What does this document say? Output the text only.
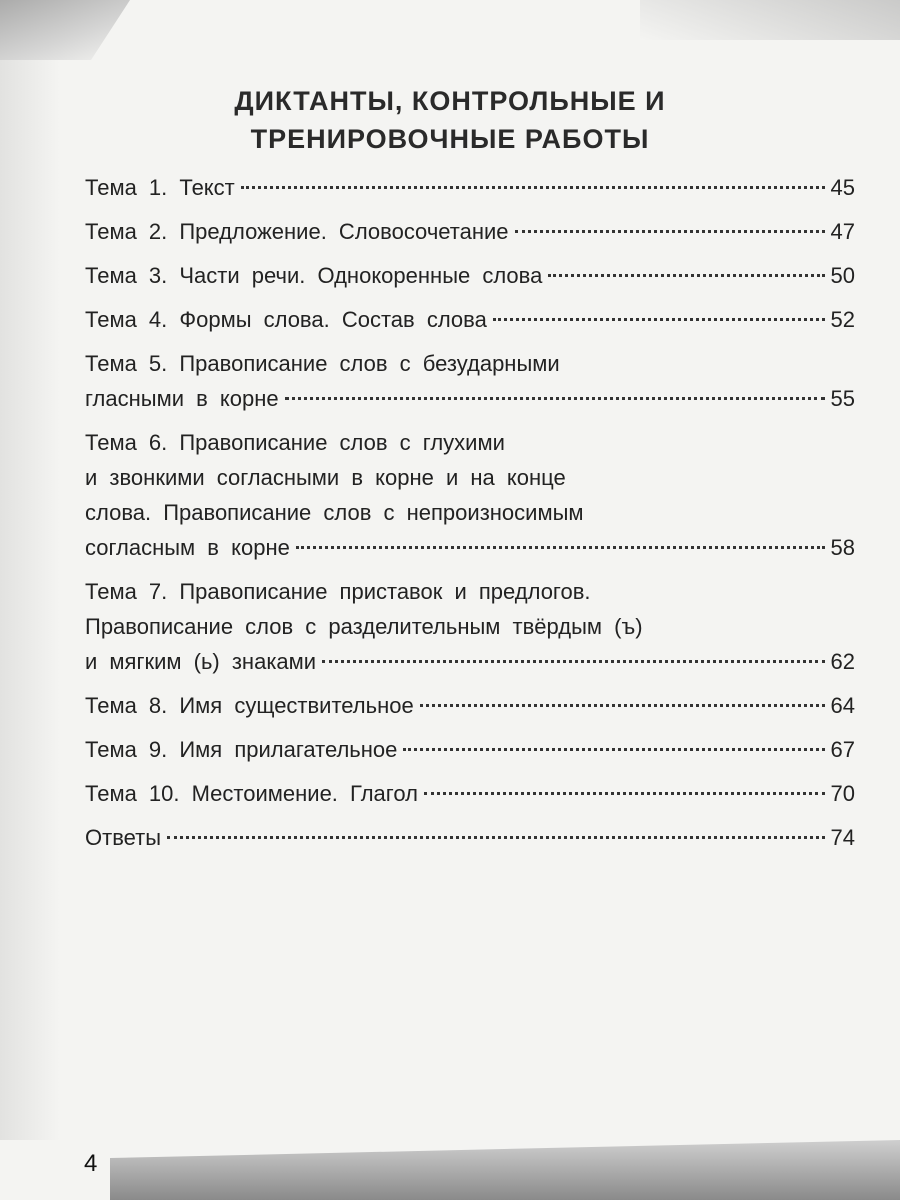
ДИКТАНТЫ, КОНТРОЛЬНЫЕ И
ТРЕНИРОВОЧНЫЕ РАБОТЫ
Тема 1. Текст	45
Тема 2. Предложение. Словосочетание	47
Тема 3. Части речи. Однокоренные слова	50
Тема 4. Формы слова. Состав слова	52
Тема 5. Правописание слов с безударными
гласными в корне	55
Тема 6. Правописание слов с глухими
и звонкими согласными в корне и на конце
слова. Правописание слов с непроизносимым
согласным в корне	58
Тема 7. Правописание приставок и предлогов.
Правописание слов с разделительным твёрдым (ъ)
и мягким (ь) знаками	62
Тема 8. Имя существительное	64
Тема 9. Имя прилагательное	67
Тема 10. Местоимение. Глагол	70
Ответы	74
4
